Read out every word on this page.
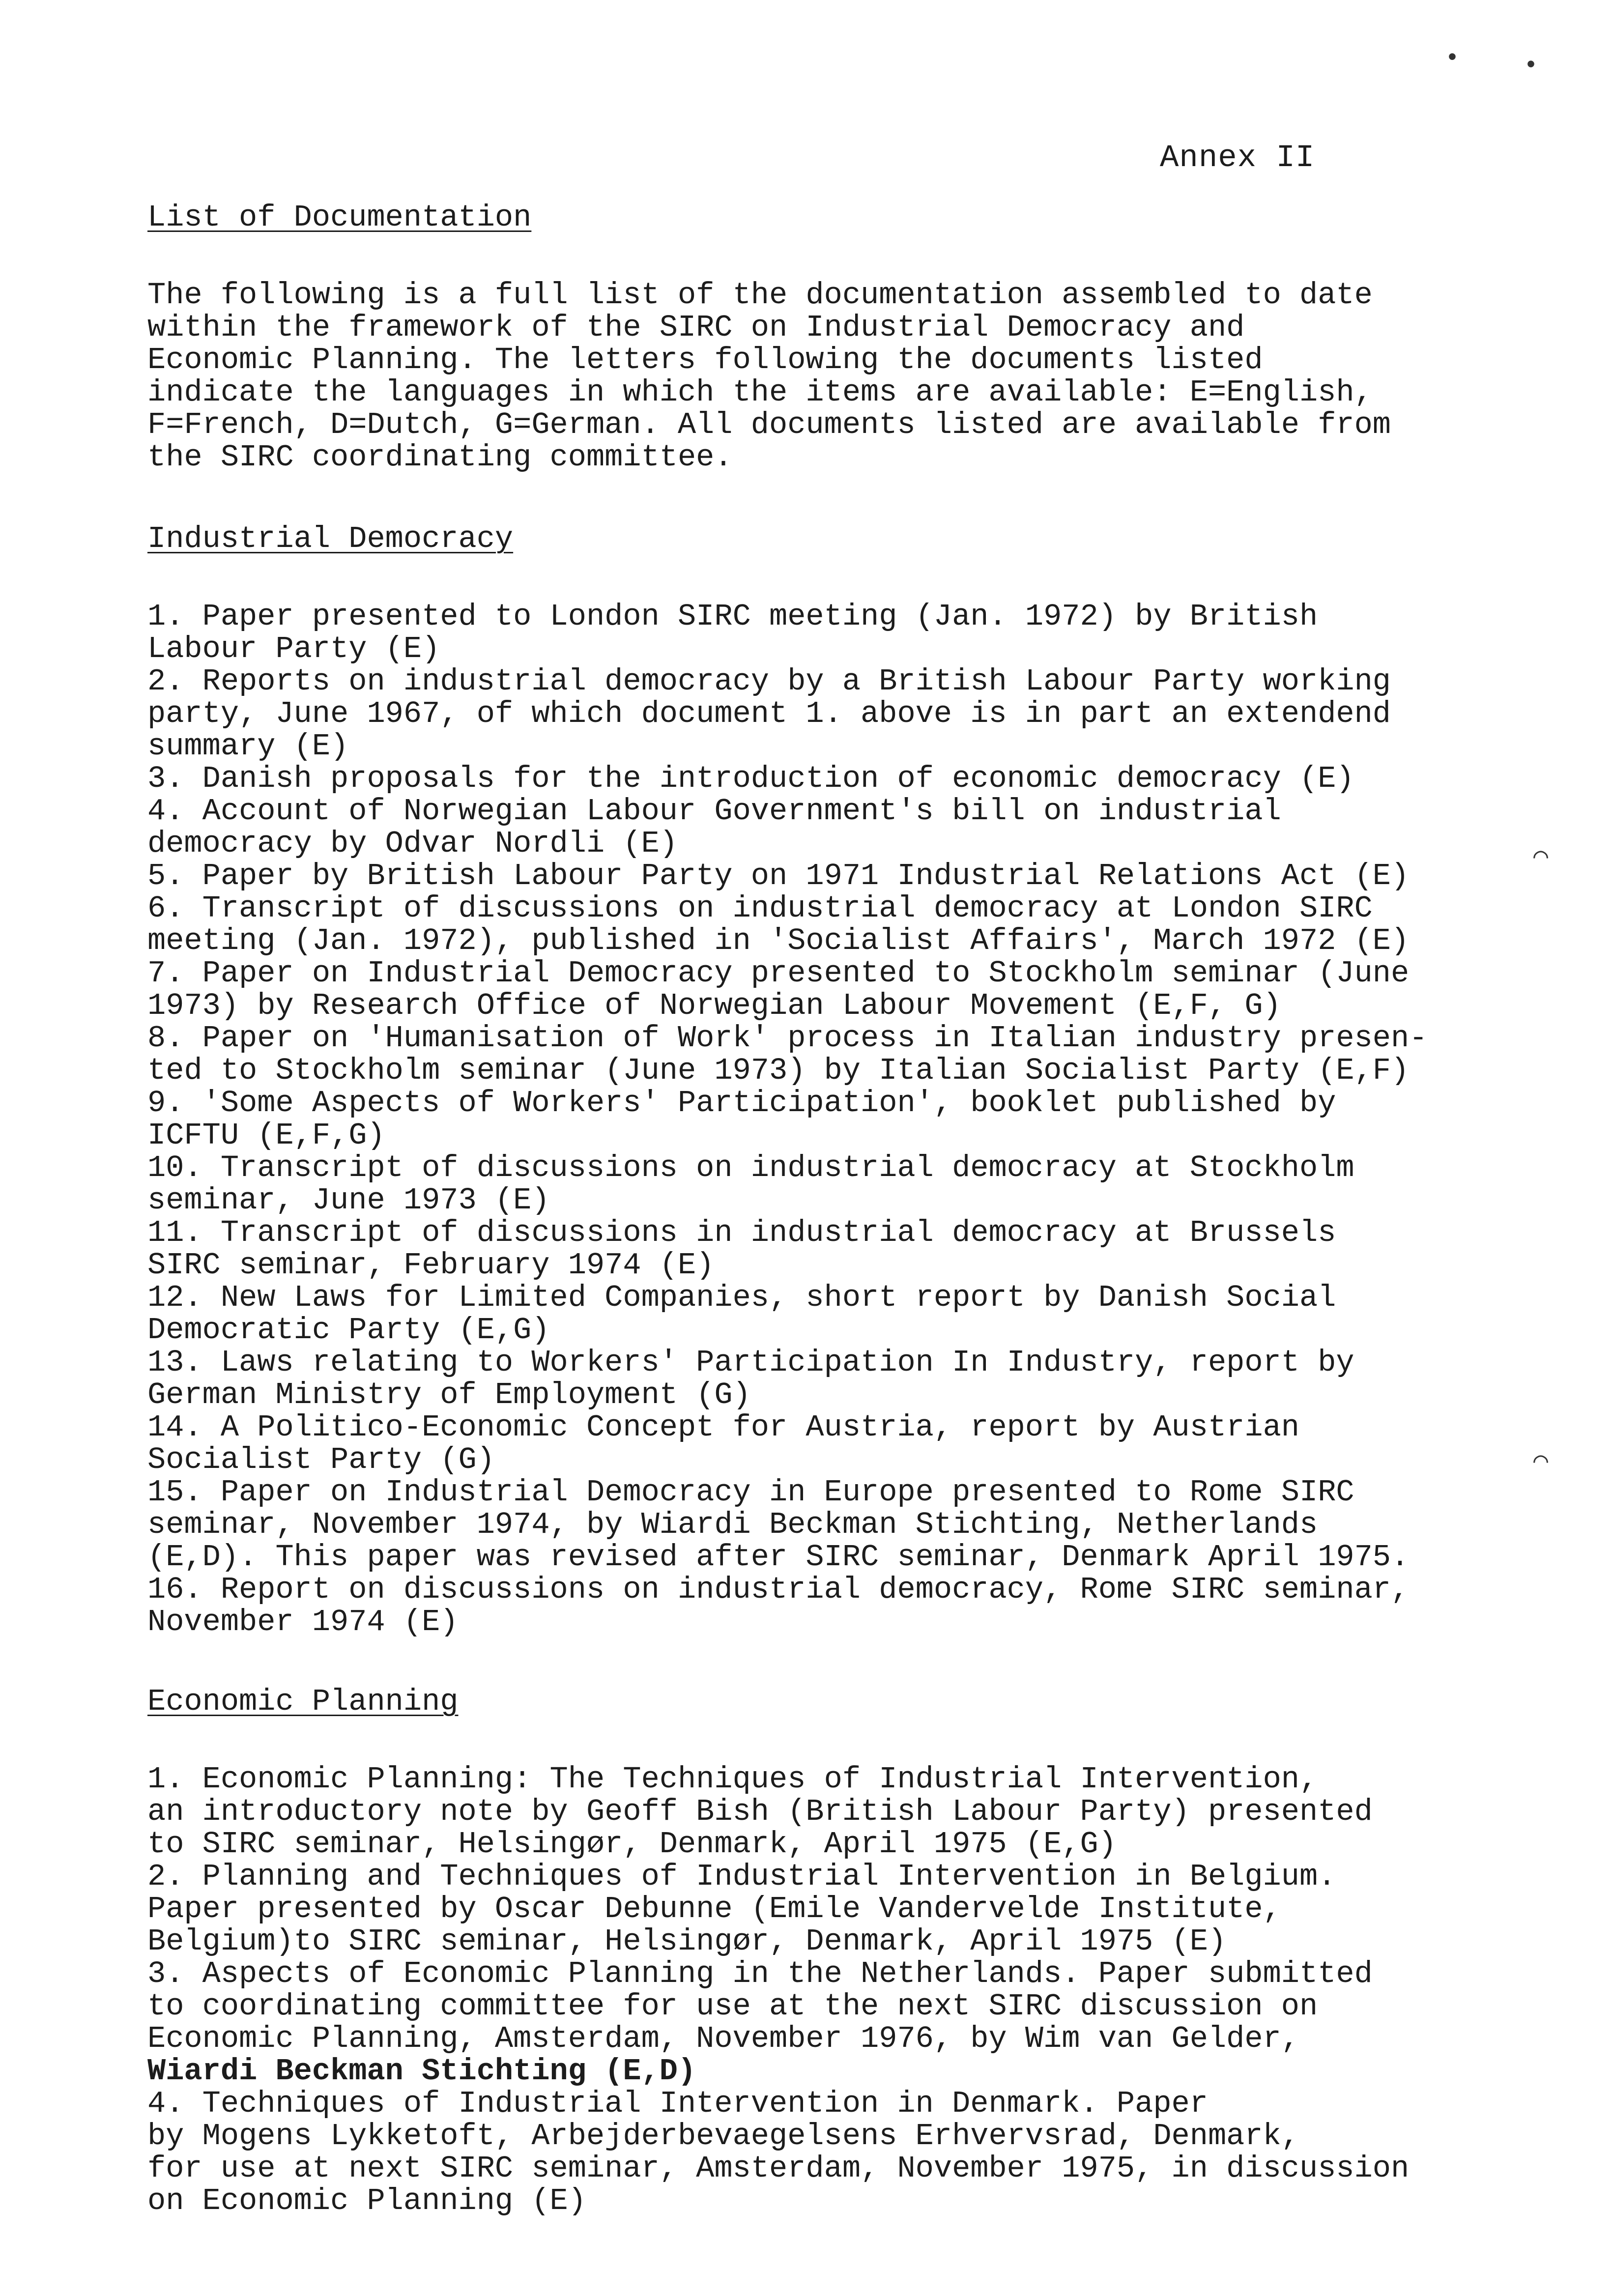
•	•
⌒
⌒
Annex II
List of Documentation
The following is a full list of the documentation assembled to date
within the framework of the SIRC on Industrial Democracy and
Economic Planning. The letters following the documents listed
indicate the languages in which the items are available: E=English,
F=French, D=Dutch, G=German. All documents listed are available from
the SIRC coordinating committee.
Industrial Democracy
1. Paper presented to London SIRC meeting (Jan. 1972) by British
Labour Party (E)
2. Reports on industrial democracy by a British Labour Party working
party, June 1967, of which document 1. above is in part an extendend
summary (E)
3. Danish proposals for the introduction of economic democracy (E)
4. Account of Norwegian Labour Government's bill on industrial
democracy by Odvar Nordli (E)
5. Paper by British Labour Party on 1971 Industrial Relations Act (E)
6. Transcript of discussions on industrial democracy at London SIRC
meeting (Jan. 1972), published in 'Socialist Affairs', March 1972 (E)
7. Paper on Industrial Democracy presented to Stockholm seminar (June
1973) by Research Office of Norwegian Labour Movement (E,F, G)
8. Paper on 'Humanisation of Work' process in Italian industry presen-
ted to Stockholm seminar (June 1973) by Italian Socialist Party (E,F)
9. 'Some Aspects of Workers' Participation', booklet published by
ICFTU (E,F,G)
10. Transcript of discussions on industrial democracy at Stockholm
seminar, June 1973 (E)
11. Transcript of discussions in industrial democracy at Brussels
SIRC seminar, February 1974 (E)
12. New Laws for Limited Companies, short report by Danish Social
Democratic Party (E,G)
13. Laws relating to Workers' Participation In Industry, report by
German Ministry of Employment (G)
14. A Politico-Economic Concept for Austria, report by Austrian
Socialist Party (G)
15. Paper on Industrial Democracy in Europe presented to Rome SIRC
seminar, November 1974, by Wiardi Beckman Stichting, Netherlands
(E,D). This paper was revised after SIRC seminar, Denmark April 1975.
16. Report on discussions on industrial democracy, Rome SIRC seminar,
November 1974 (E)
Economic Planning
1. Economic Planning: The Techniques of Industrial Intervention,
an introductory note by Geoff Bish (British Labour Party) presented
to SIRC seminar, Helsingør, Denmark, April 1975 (E,G)
2. Planning and Techniques of Industrial Intervention in Belgium.
Paper presented by Oscar Debunne (Emile Vandervelde Institute,
Belgium)to SIRC seminar, Helsingør, Denmark, April 1975 (E)
3. Aspects of Economic Planning in the Netherlands. Paper submitted
to coordinating committee for use at the next SIRC discussion on
Economic Planning, Amsterdam, November 1976, by Wim van Gelder,
Wiardi Beckman Stichting (E,D)
4. Techniques of Industrial Intervention in Denmark. Paper
by Mogens Lykketoft, Arbejderbevaegelsens Erhvervsrad, Denmark,
for use at next SIRC seminar, Amsterdam, November 1975, in discussion
on Economic Planning (E)
